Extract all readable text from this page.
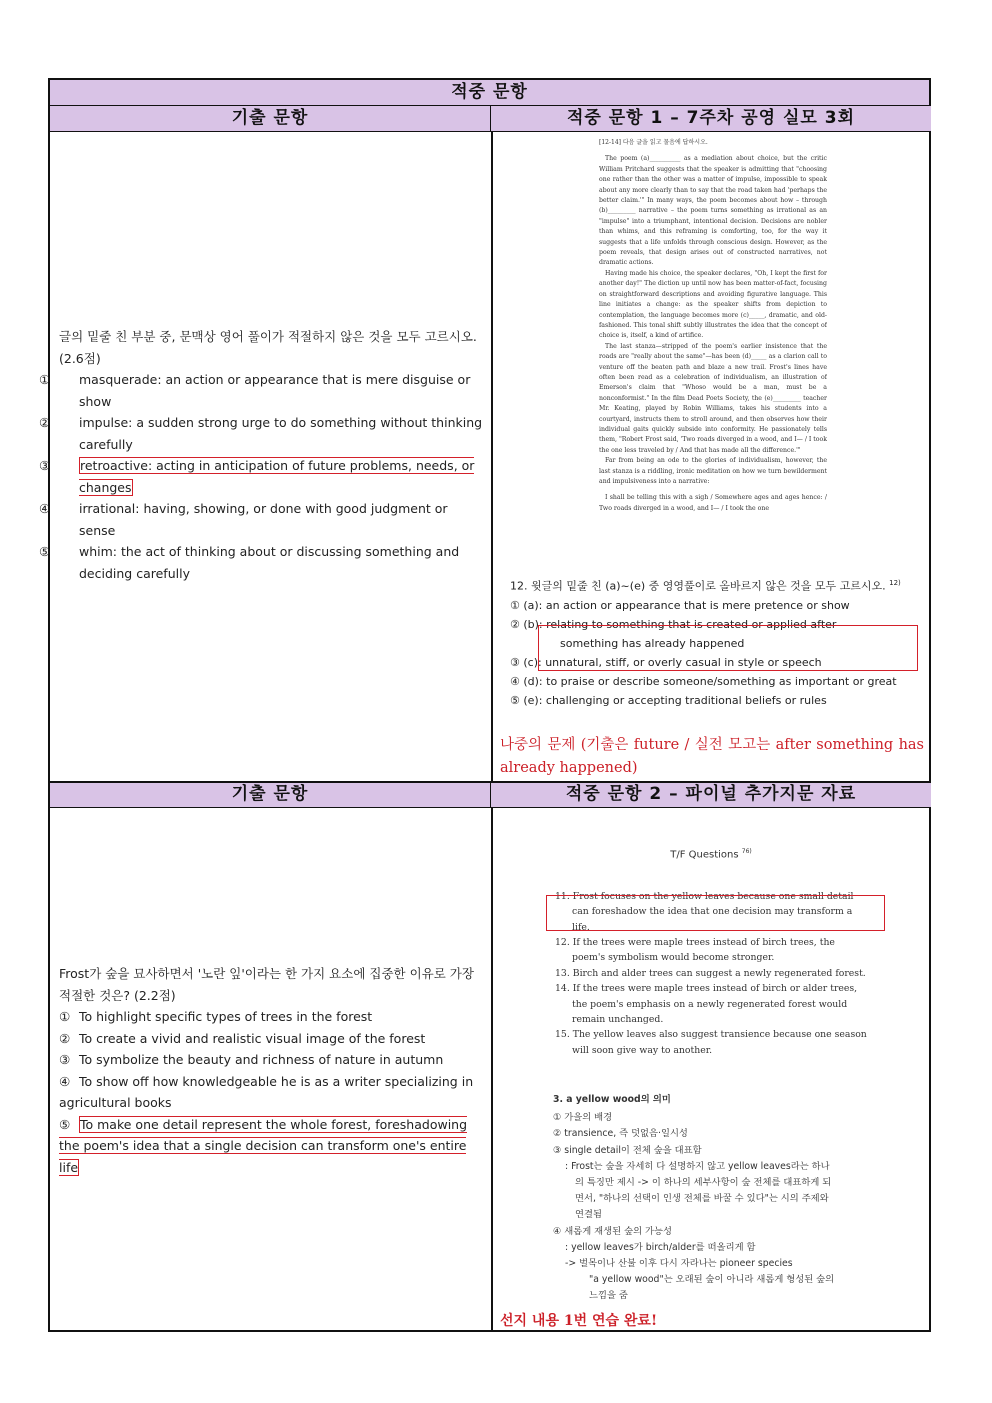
적중 문항
기출 문항	적중 문항 1 – 7주차 공영 실모 3회
기출 문항	적중 문항 2 – 파이널 추가지문 자료
글의 밑줄 친 부분 중, 문맥상 영어 풀이가 적절하지 않은 것을 모두 고르시오. (2.6점)
① masquerade: an action or appearance that is mere disguise or show
② impulse: a sudden strong urge to do something without thinking carefully
③ retroactive: acting in anticipation of future problems, needs, or changes
④ irrational: having, showing, or done with good judgment or sense
⑤ whim: the act of thinking about or discussing something and deciding carefully

[12-14] 다음 글을 읽고 물음에 답하시오.

The poem (a)__________ as a mediation about choice, but the critic William Pritchard suggests that the speaker is admitting that "choosing one rather than the other was a matter of impulse, impossible to speak about any more clearly than to say that the road taken had 'perhaps the better claim.'" In many ways, the poem becomes about how – through (b)_________ narrative – the poem turns something as irrational as an "impulse" into a triumphant, intentional decision. Decisions are nobler than whims, and this reframing is comforting, too, for the way it suggests that a life unfolds through conscious design. However, as the poem reveals, that design arises out of constructed narratives, not dramatic actions.

Having made his choice, the speaker declares, "Oh, I kept the first for another day!" The diction up until now has been matter-of-fact, focusing on straightforward descriptions and avoiding figurative language. This line initiates a change: as the speaker shifts from depiction to contemplation, the language becomes more (c)_____, dramatic, and old-fashioned. This tonal shift subtly illustrates the idea that the concept of choice is, itself, a kind of artifice.

The last stanza—stripped of the poem's earlier insistence that the roads are "really about the same"—has been (d)_____ as a clarion call to venture off the beaten path and blaze a new trail. Frost's lines have often been read as a celebration of individualism, an illustration of Emerson's claim that "Whoso would be a man, must be a nonconformist." In the film Dead Poets Society, the (e)_________ teacher Mr. Keating, played by Robin Williams, takes his students into a courtyard, instructs them to stroll around, and then observes how their individual gaits quickly subside into conformity. He passionately tells them, "Robert Frost said, 'Two roads diverged in a wood, and I— / I took the one less traveled by / And that has made all the difference.'"

Far from being an ode to the glories of individualism, however, the last stanza is a riddling, ironic meditation on how we turn bewilderment and impulsiveness into a narrative:

I shall be telling this with a sigh / Somewhere ages and ages hence: / Two roads diverged in a wood, and I— / I took the one

12. 윗글의 밑줄 친 (a)~(e) 중 영영풀이로 올바르지 않은 것을 모두 고르시오. $^{12)}$
① (a): an action or appearance that is mere pretence or show
② (b): relating to something that is created or applied after
something has already happened
③ (c): unnatural, stiff, or overly casual in style or speech
④ (d): to praise or describe someone/something as important or great
⑤ (e): challenging or accepting traditional beliefs or rules
나중의 문제 (기출은 future / 실전 모고는 after something has already happened)
Frost가 숲을 묘사하면서 '노란 잎'이라는 한 가지 요소에 집중한 이유로 가장 적절한 것은? (2.2점)
① To highlight specific types of trees in the forest
② To create a vivid and realistic visual image of the forest
③ To symbolize the beauty and richness of nature in autumn
④ To show off how knowledgeable he is as a writer specializing in agricultural books
⑤ To make one detail represent the whole forest, foreshadowing the poem's idea that a single decision can transform one's entire life
T/F Questions $^{76)}$
11. Frost focuses on the yellow leaves because one small detail can foreshadow the idea that one decision may transform a life.
12. If the trees were maple trees instead of birch trees, the poem's symbolism would become stronger.
13. Birch and alder trees can suggest a newly regenerated forest.
14. If the trees were maple trees instead of birch or alder trees, the poem's emphasis on a newly regenerated forest would remain unchanged.
15. The yellow leaves also suggest transience because one season will soon give way to another.
3. a yellow wood의 의미
① 가을의 배경
② transience, 즉 덧없음·일시성
③ single detail이 전체 숲을 대표함
: Frost는 숲을 자세히 다 설명하지 않고 yellow leaves라는 하나
의 특징만 제시 -> 이 하나의 세부사항이 숲 전체를 대표하게 되
면서, "하나의 선택이 인생 전체를 바꿀 수 있다"는 시의 주제와
연결됨
④ 새롭게 재생된 숲의 가능성
: yellow leaves가 birch/alder를 떠올리게 함
-> 벌목이나 산불 이후 다시 자라나는 pioneer species
"a yellow wood"는 오래된 숲이 아니라 새롭게 형성된 숲의
느낌을 줌
선지 내용 1번 연습 완료!
